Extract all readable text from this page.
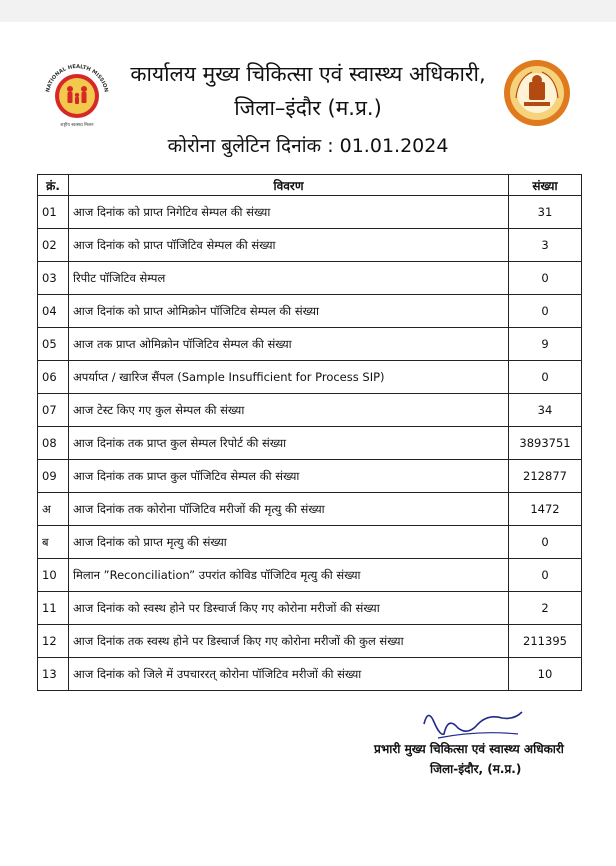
NATIONAL HEALTH MISSION
राष्ट्रीय स्वास्थ्य मिशन
कार्यालय मुख्य चिकित्सा एवं स्वास्थ्य अधिकारी,
जिला–इंदौर (म.प्र.)
कोरोना बुलेटिन दिनांक : 01.01.2024
क्रं.	विवरण	संख्या
01	आज दिनांक को प्राप्त निगेटिव सेम्पल की संख्या	31
02	आज दिनांक को प्राप्त पॉजिटिव सेम्पल की संख्या	3
03	रिपीट पॉजिटिव सेम्पल	0
04	आज दिनांक को प्राप्त ओमिक्रोन पॉजिटिव सेम्पल की संख्या	0
05	आज तक प्राप्त ओमिक्रोन पॉजिटिव सेम्पल की संख्या	9
06	अपर्याप्त / खारिज सैंपल (Sample Insufficient for Process SIP)	0
07	आज टेस्ट किए गए कुल सेम्पल की संख्या	34
08	आज दिनांक तक प्राप्त कुल सेम्पल रिपोर्ट की संख्या	3893751
09	आज दिनांक तक प्राप्त कुल पॉजिटिव सेम्पल की संख्या	212877
अ	आज दिनांक तक कोरोना पॉजिटिव मरीजों की मृत्यु की संख्या	1472
ब	आज दिनांक को प्राप्त मृत्यु की संख्या	0
10	मिलान ”Reconciliation” उपरांत कोविड पॉजिटिव मृत्यु की संख्या	0
11	आज दिनांक को स्वस्थ होने पर डिस्चार्ज किए गए कोरोना मरीजों की संख्या	2
12	आज दिनांक तक स्वस्थ होने पर डिस्चार्ज किए गए कोरोना मरीजों की कुल संख्या	211395
13	आज दिनांक को जिले में उपचाररत् कोरोना पॉजिटिव मरीजों की संख्या	10
प्रभारी मुख्य चिकित्सा एवं स्वास्थ्य अधिकारी
जिला-इंदौर, (म.प्र.)
